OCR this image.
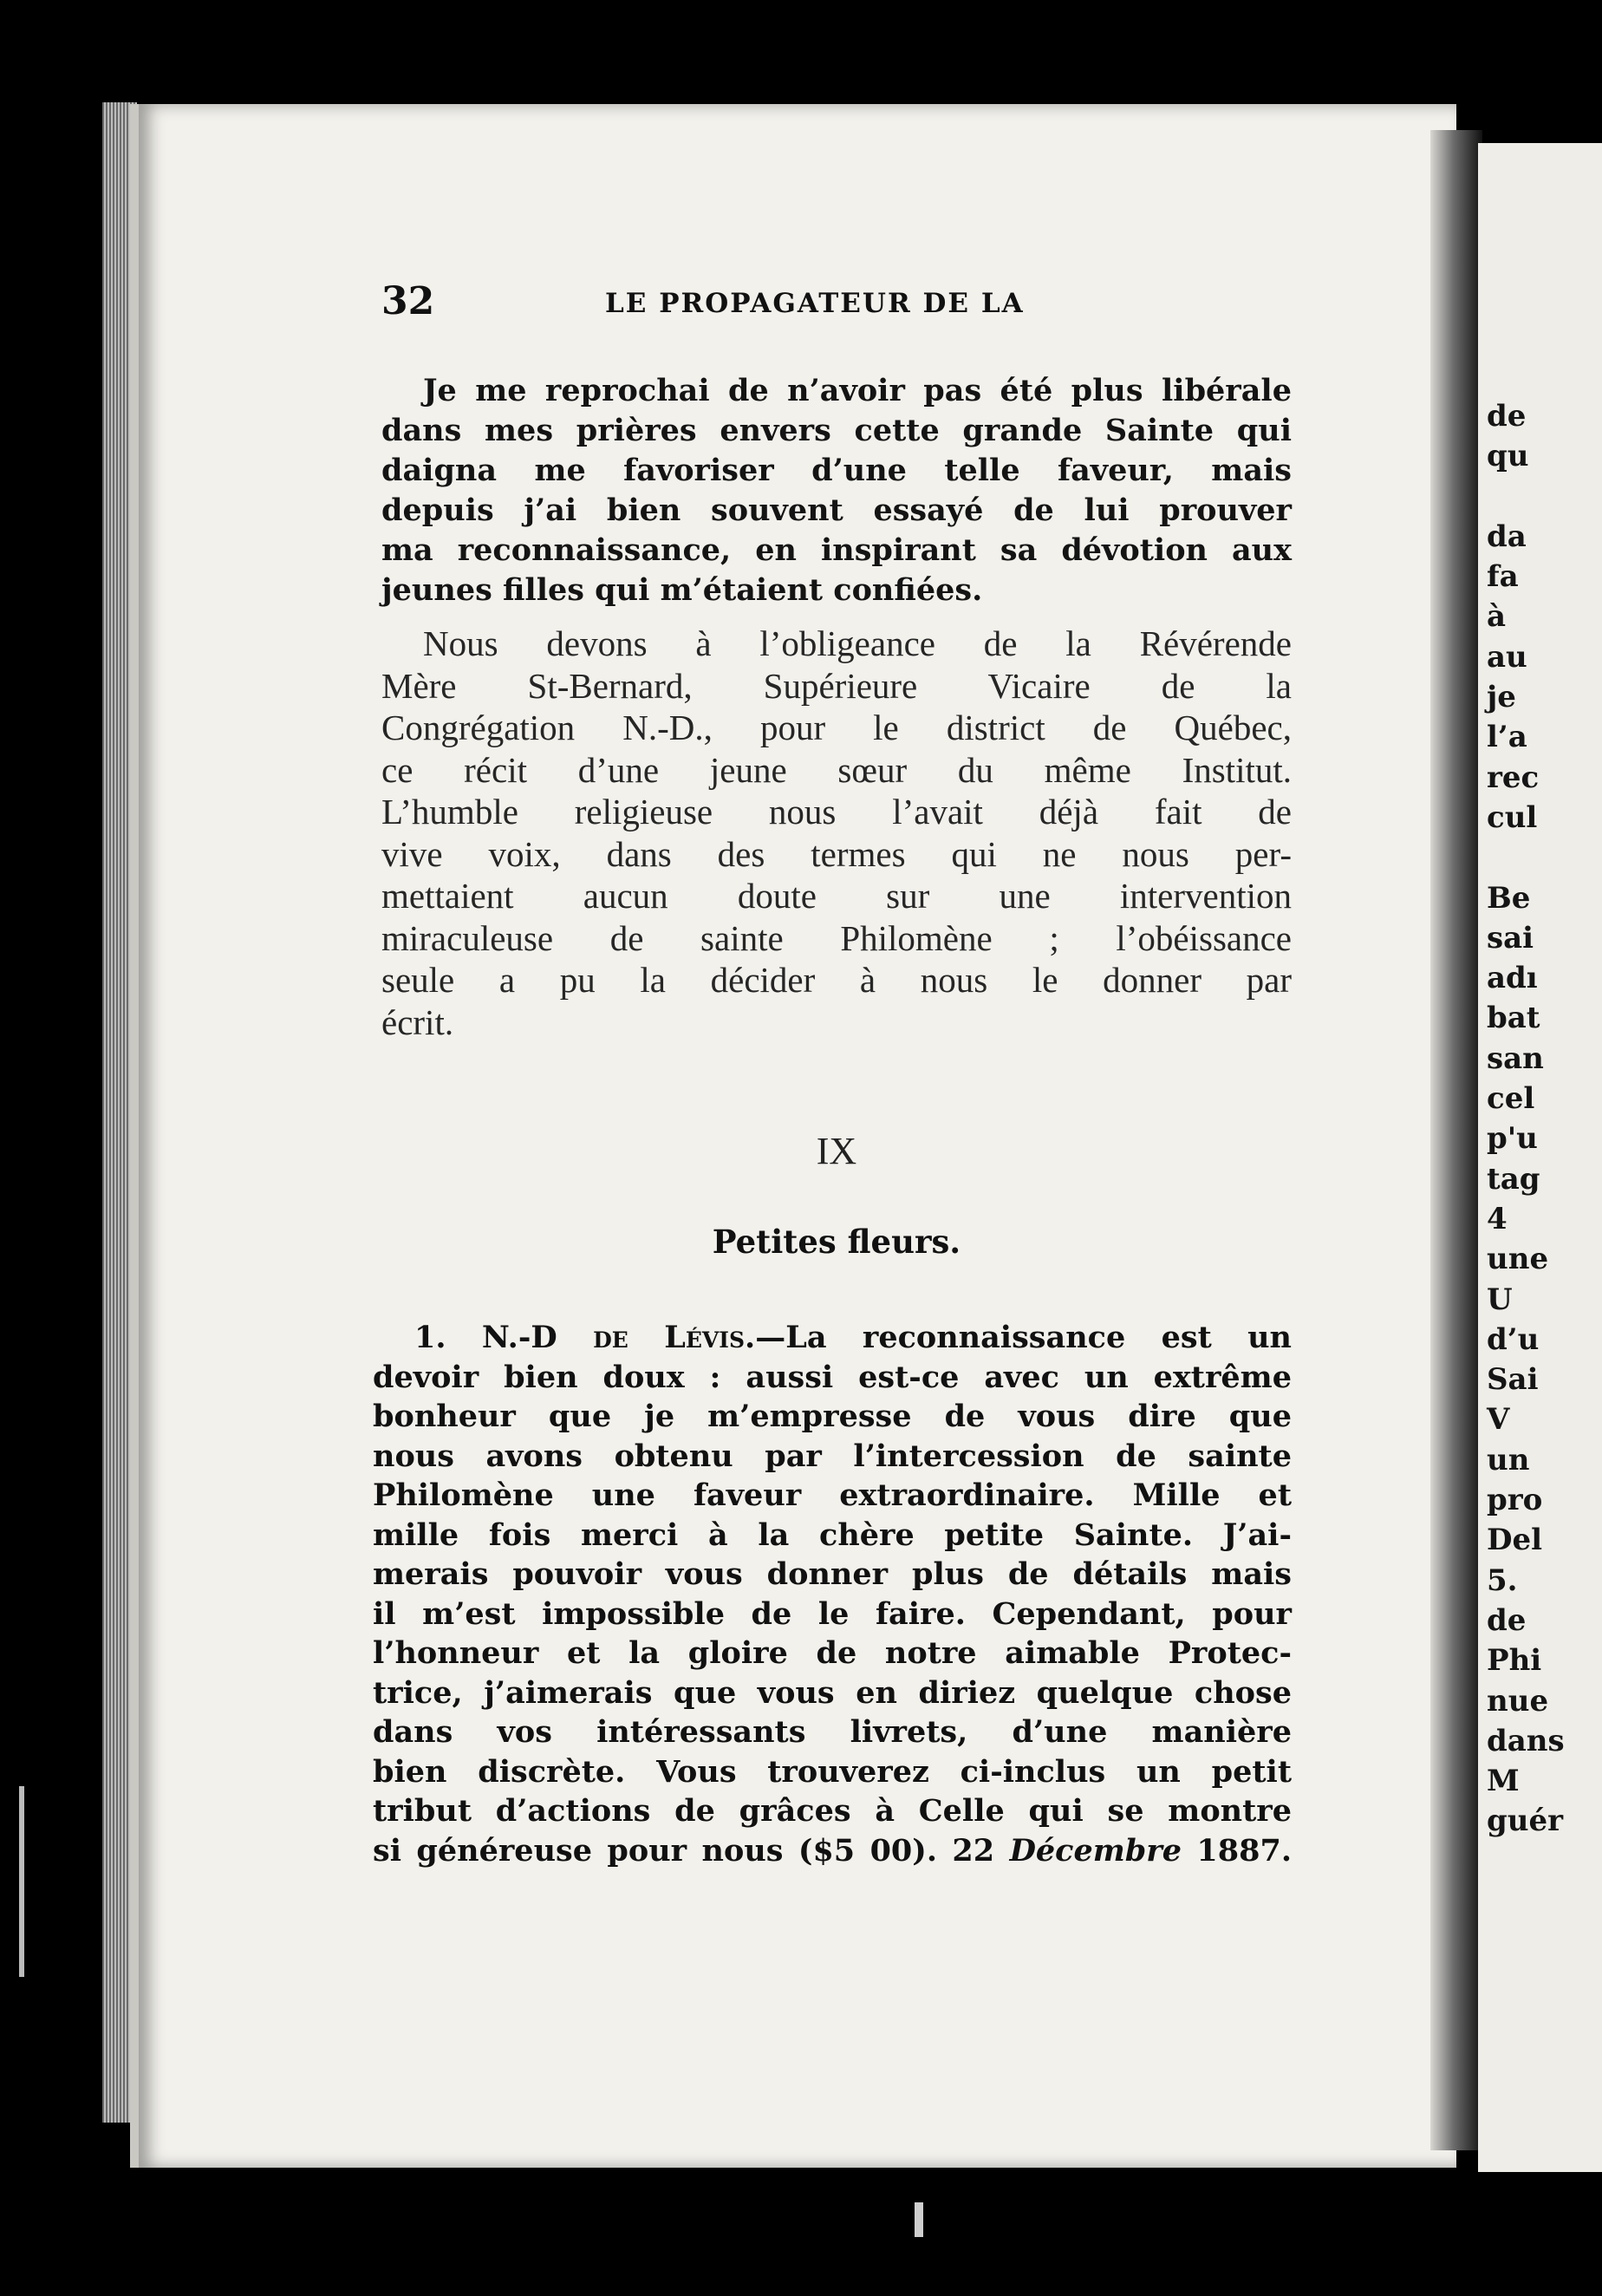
de
qu

da
fa
à
au
je
l’a
rec
cul

Be
sai
adı
bat
san
cel
p'u
tag
4
une
U
d’u
Sai
V
un
pro
Del
5.
de
Phi
nue
dans
M
guér
32	LE PROPAGATEUR DE LA
Je me reprochai de n’avoir pas été plus libérale
dans mes prières envers cette grande Sainte qui
daigna me favoriser d’une telle faveur, mais
depuis j’ai bien souvent essayé de lui prouver
ma reconnaissance, en inspirant sa dévotion aux
jeunes filles qui m’étaient confiées.
Nous devons à l’obligeance de la Révérende
Mère St-Bernard, Supérieure Vicaire de la
Congrégation N.-D., pour le district de Québec,
ce récit d’une jeune sœur du même Institut.
L’humble religieuse nous l’avait déjà fait de
vive voix, dans des termes qui ne nous per-
mettaient aucun doute sur une intervention
miraculeuse de sainte Philomène ; l’obéissance
seule a pu la décider à nous le donner par
écrit.
IX
Petites fleurs.
1. N.-D de Lévis.—La reconnaissance est un
devoir bien doux : aussi est-ce avec un extrême
bonheur que je m’empresse de vous dire que
nous avons obtenu par l’intercession de sainte
Philomène une faveur extraordinaire. Mille et
mille fois merci à la chère petite Sainte. J’ai-
merais pouvoir vous donner plus de détails mais
il m’est impossible de le faire. Cependant, pour
l’honneur et la gloire de notre aimable Protec-
trice, j’aimerais que vous en diriez quelque chose
dans vos intéressants livrets, d’une manière
bien discrète. Vous trouverez ci-inclus un petit
tribut d’actions de grâces à Celle qui se montre
si généreuse pour nous ($5 00). 22 Décembre 1887.
